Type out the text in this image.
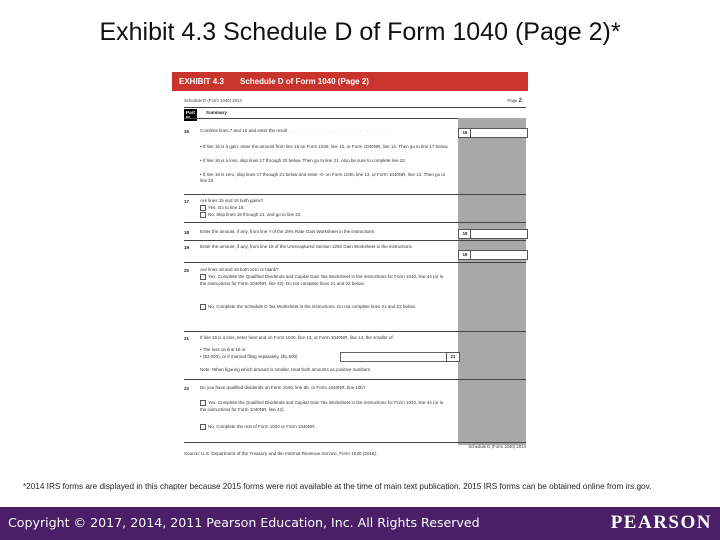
Exhibit 4.3 Schedule D of Form 1040 (Page 2)*
EXHIBIT 4.3 Schedule D of Form 1040 (Page 2)
Schedule D (Form 1040) 2014	Page 2
Part III
Summary
16 Combine lines 7 and 15 and enter the result . . . . . . . . . . . . . . . .	16
• If line 16 is a gain, enter the amount from line 16 on Form 1040, line 13, or Form 1040NR, line 14. Then go to line 17 below.
• If line 16 is a loss, skip lines 17 through 20 below. Then go to line 21. Also be sure to complete line 22.
• If line 16 is zero, skip lines 17 through 21 below and enter -0- on Form 1040, line 13, or Form 1040NR, line 14. Then go to line 22.
17 Are lines 15 and 16 both gains?
Yes. Go to line 18.
No. Skip lines 18 through 21, and go to line 22.
18 Enter the amount, if any, from line 7 of the 28% Rate Gain Worksheet in the instructions	18
19 Enter the amount, if any, from line 18 of the Unrecaptured Section 1250 Gain Worksheet in the instructions
19
20 Are lines 18 and 19 both zero or blank?
Yes. Complete the Qualified Dividends and Capital Gain Tax Worksheet in the instructions for Form 1040, line 44 (or in the instructions for Form 1040NR, line 42). Do not complete lines 21 and 22 below.
No. Complete the Schedule D Tax Worksheet in the instructions. Do not complete lines 21 and 22 below.
21 If line 16 is a loss, enter here and on Form 1040, line 13, or Form 1040NR, line 14, the smaller of:
• The loss on line 16 or
• ($3,000), or if married filing separately, ($1,500)	21
Note. When figuring which amount is smaller, treat both amounts as positive numbers.
22 Do you have qualified dividends on Form 1040, line 9b, or Form 1040NR, line 10b?
Yes. Complete the Qualified Dividends and Capital Gain Tax Worksheet in the instructions for Form 1040, line 44 (or in the instructions for Form 1040NR, line 42).
No. Complete the rest of Form 1040 or Form 1040NR.
Schedule D (Form 1040) 2014
Source: U.S. Department of the Treasury and the Internal Revenue Service, Form 1040 (2015).
*2014 IRS forms are displayed in this chapter because 2015 forms were not available at the time of main text publication. 2015 IRS forms can be obtained online from irs.gov.
Copyright © 2017, 2014, 2011 Pearson Education, Inc. All Rights Reserved	PEARSON
